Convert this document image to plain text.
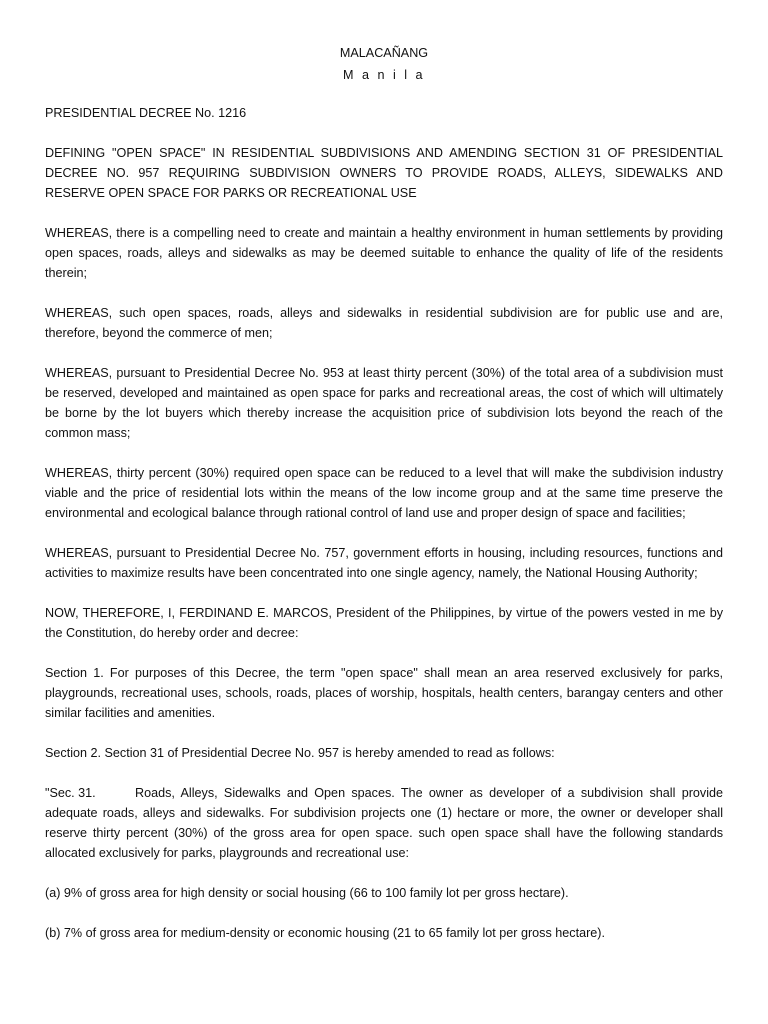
MALACAÑANG
M a n i l a

PRESIDENTIAL DECREE No. 1216

DEFINING "OPEN SPACE" IN RESIDENTIAL SUBDIVISIONS AND AMENDING SECTION 31 OF PRESIDENTIAL DECREE NO. 957 REQUIRING SUBDIVISION OWNERS TO PROVIDE ROADS, ALLEYS, SIDEWALKS AND RESERVE OPEN SPACE FOR PARKS OR RECREATIONAL USE

WHEREAS, there is a compelling need to create and maintain a healthy environment in human settlements by providing open spaces, roads, alleys and sidewalks as may be deemed suitable to enhance the quality of life of the residents therein;

WHEREAS, such open spaces, roads, alleys and sidewalks in residential subdivision are for public use and are, therefore, beyond the commerce of men;

WHEREAS, pursuant to Presidential Decree No. 953 at least thirty percent (30%) of the total area of a subdivision must be reserved, developed and maintained as open space for parks and recreational areas, the cost of which will ultimately be borne by the lot buyers which thereby increase the acquisition price of subdivision lots beyond the reach of the common mass;

WHEREAS, thirty percent (30%) required open space can be reduced to a level that will make the subdivision industry viable and the price of residential lots within the means of the low income group and at the same time preserve the environmental and ecological balance through rational control of land use and proper design of space and facilities;

WHEREAS, pursuant to Presidential Decree No. 757, government efforts in housing, including resources, functions and activities to maximize results have been concentrated into one single agency, namely, the National Housing Authority;

NOW, THEREFORE, I, FERDINAND E. MARCOS, President of the Philippines, by virtue of the powers vested in me by the Constitution, do hereby order and decree:

Section 1. For purposes of this Decree, the term "open space" shall mean an area reserved exclusively for parks, playgrounds, recreational uses, schools, roads, places of worship, hospitals, health centers, barangay centers and other similar facilities and amenities.

Section 2. Section 31 of Presidential Decree No. 957 is hereby amended to read as follows:

"Sec. 31.	Roads, Alleys, Sidewalks and Open spaces. The owner as developer of a subdivision shall provide adequate roads, alleys and sidewalks. For subdivision projects one (1) hectare or more, the owner or developer shall reserve thirty percent (30%) of the gross area for open space. such open space shall have the following standards allocated exclusively for parks, playgrounds and recreational use:

(a) 9% of gross area for high density or social housing (66 to 100 family lot per gross hectare).

(b) 7% of gross area for medium-density or economic housing (21 to 65 family lot per gross hectare).
